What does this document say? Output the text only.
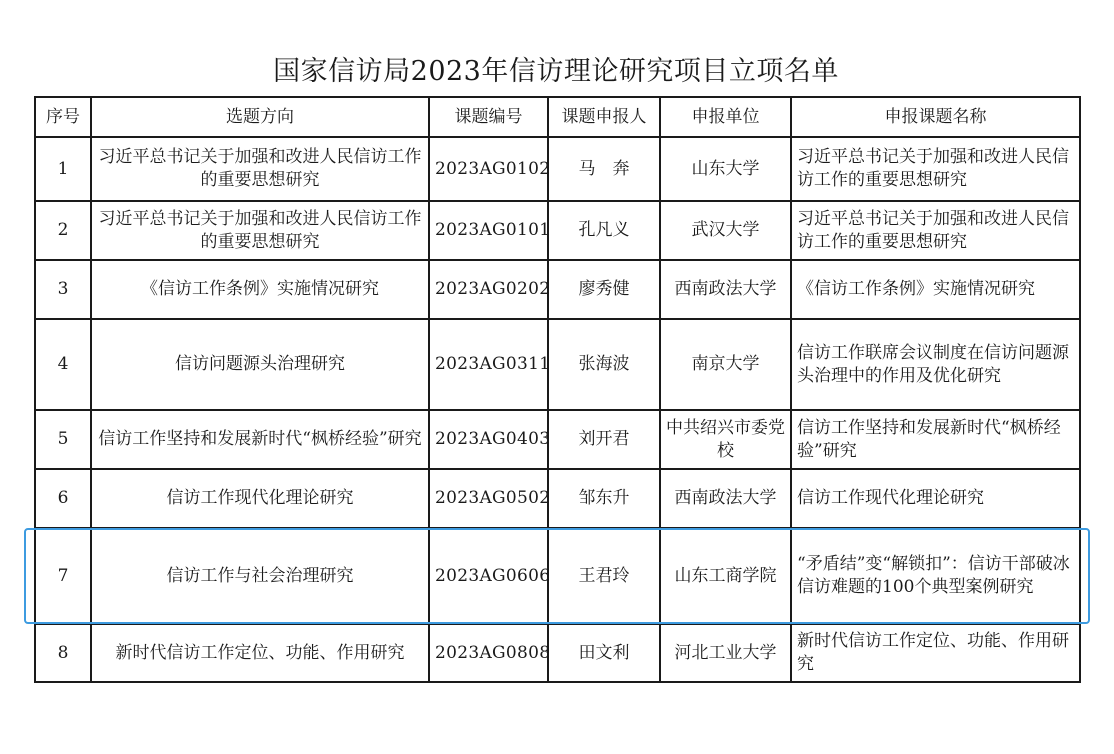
国家信访局2023年信访理论研究项目立项名单
序号	选题方向	课题编号	课题申报人	申报单位	申报课题名称
1	习近平总书记关于加强和改进人民信访工作的重要思想研究	2023AG0102	马　奔	山东大学	习近平总书记关于加强和改进人民信访工作的重要思想研究
2	习近平总书记关于加强和改进人民信访工作的重要思想研究	2023AG0101	孔凡义	武汉大学	习近平总书记关于加强和改进人民信访工作的重要思想研究
3	《信访工作条例》实施情况研究	2023AG0202	廖秀健	西南政法大学	《信访工作条例》实施情况研究
4	信访问题源头治理研究	2023AG0311	张海波	南京大学	信访工作联席会议制度在信访问题源头治理中的作用及优化研究
5	信访工作坚持和发展新时代“枫桥经验”研究	2023AG0403	刘开君	中共绍兴市委党校	信访工作坚持和发展新时代“枫桥经验”研究
6	信访工作现代化理论研究	2023AG0502	邹东升	西南政法大学	信访工作现代化理论研究
7	信访工作与社会治理研究	2023AG0606	王君玲	山东工商学院	“矛盾结”变“解锁扣”：信访干部破冰信访难题的100个典型案例研究
8	新时代信访工作定位、功能、作用研究	2023AG0808	田文利	河北工业大学	新时代信访工作定位、功能、作用研究
